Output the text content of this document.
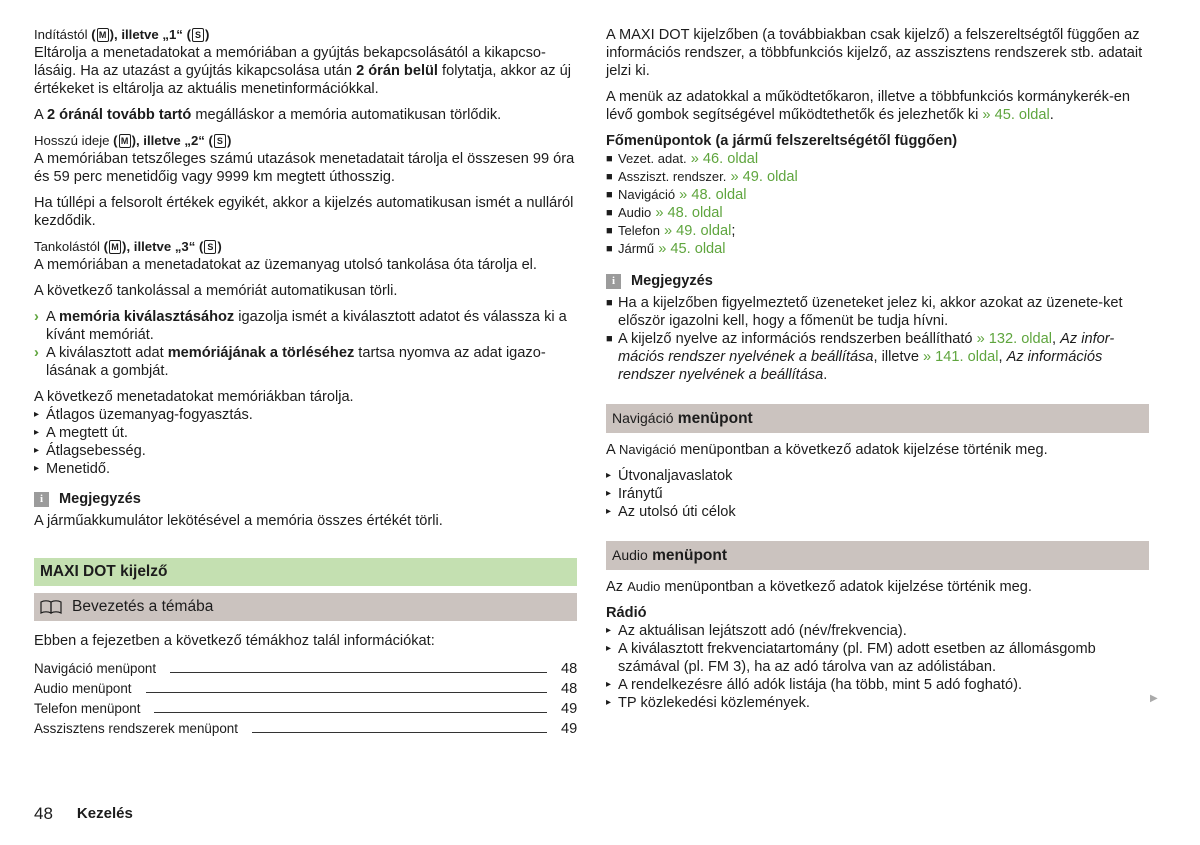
Indítástól ( M ), illetve „1“ ( S )

Eltárolja a menetadatokat a memóriában a gyújtás bekapcsolásától a kikapcso-lásáig. Ha az utazást a gyújtás kikapcsolása után 2 órán belül folytatja, akkor az új értékeket is eltárolja az aktuális menetinformációkkal.

A 2 óránál tovább tartó megálláskor a memória automatikusan törlődik.

Hosszú ideje ( M ), illetve „2“ ( S )

A memóriában tetszőleges számú utazások menetadatait tárolja el összesen 99 óra és 59 perc menetidőig vagy 9999 km megtett úthosszig.

Ha túllépi a felsorolt értékek egyikét, akkor a kijelzés automatikusan ismét a nulláról kezdődik.

Tankolástól ( M ), illetve „3“ ( S )

A memóriában a menetadatokat az üzemanyag utolsó tankolása óta tárolja el.

A következő tankolással a memóriát automatikusan törli.

› A memória kiválasztásához igazolja ismét a kiválasztott adatot és válassza ki a kívánt memóriát.
› A kiválasztott adat memóriájának a törléséhez tartsa nyomva az adat igazo-lásának a gombját.

A következő menetadatokat memóriákban tárolja.

▸ Átlagos üzemanyag-fogyasztás.
▸ A megtett út.
▸ Átlagsebesség.
▸ Menetidő.
i	Megjegyzés

A járműakkumulátor lekötésével a memória összes értékét törli.

MAXI DOT kijelző
Bevezetés a témába

Ebben a fejezetben a következő témákhoz talál információkat:

Navigáció menüpont	48
Audio menüpont	48
Telefon menüpont	49
Asszisztens rendszerek menüpont	49

A MAXI DOT kijelzőben (a továbbiakban csak kijelző) a felszereltségtől függően az információs rendszer, a többfunkciós kijelző, az asszisztens rendszerek stb. adatait jelzi ki.

A menük az adatokkal a működtetőkaron, illetve a többfunkciós kormánykerék-en lévő gombok segítségével működtethetők és jelezhetők ki » 45. oldal.

Főmenüpontok (a jármű felszereltségétől függően)
■ Vezet. adat. » 46. oldal
■ Assziszt. rendszer. » 49. oldal
■ Navigáció » 48. oldal
■ Audio » 48. oldal
■ Telefon » 49. oldal;
■ Jármű » 45. oldal
i	Megjegyzés
■ Ha a kijelzőben figyelmeztető üzeneteket jelez ki, akkor azokat az üzenete-ket először igazolni kell, hogy a főmenüt be tudja hívni.
■ A kijelző nyelve az információs rendszerben beállítható » 132. oldal, Az infor-mációs rendszer nyelvének a beállítása, illetve » 141. oldal, Az információs rendszer nyelvének a beállítása.
Navigáció menüpont

A Navigáció menüpontban a következő adatok kijelzése történik meg.

▸ Útvonaljavaslatok
▸ Iránytű
▸ Az utolsó úti célok
Audio menüpont

Az Audio menüpontban a következő adatok kijelzése történik meg.

Rádió
▸ Az aktuálisan lejátszott adó (név/frekvencia).
▸ A kiválasztott frekvenciatartomány (pl. FM) adott esetben az állomásgomb számával (pl. FM 3), ha az adó tárolva van az adólistában.
▸ A rendelkezésre álló adók listája (ha több, mint 5 adó fogható).
▸ TP közlekedési közlemények.	▶
48 Kezelés
